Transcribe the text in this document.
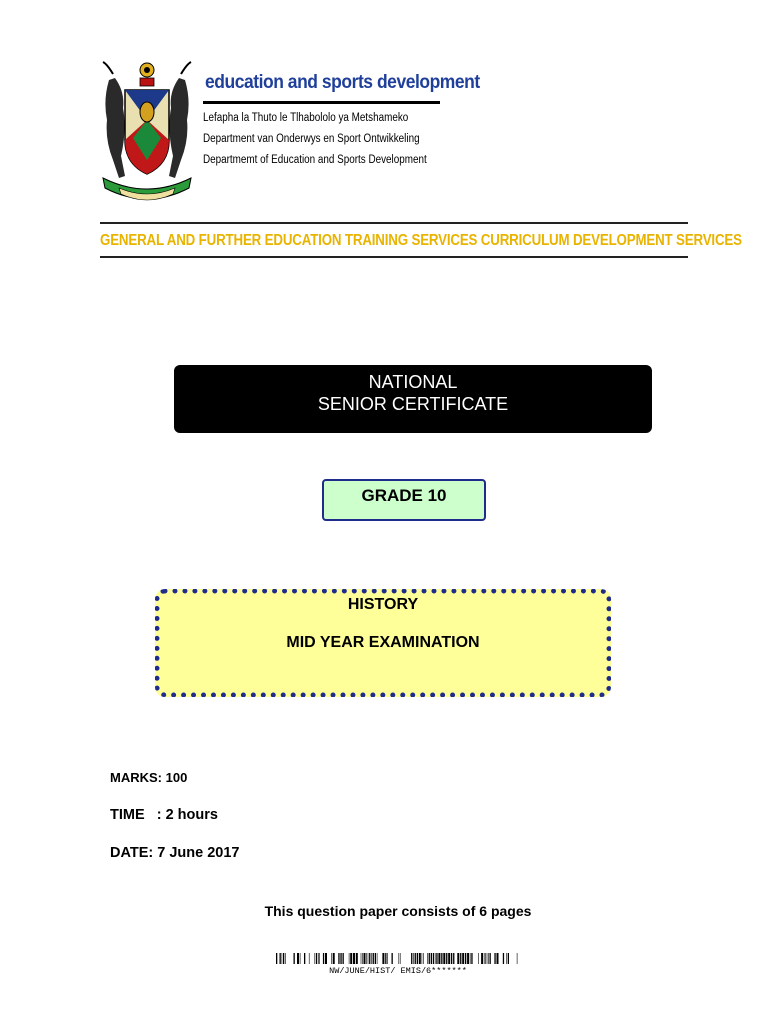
education and sports development
Lefapha la Thuto le Tlhabololo ya Metshameko
Department van Onderwys en Sport Ontwikkeling
Departmemt of Education and Sports Development
GENERAL AND FURTHER EDUCATION TRAINING SERVICES CURRICULUM DEVELOPMENT SERVICES
NATIONAL
SENIOR CERTIFICATE
GRADE 10
HISTORY
MID YEAR EXAMINATION
MARKS: 100
TIME   : 2 hours
DATE: 7 June 2017
This question paper consists of 6 pages
NW/JUNE/HIST/ EMIS/6*******
